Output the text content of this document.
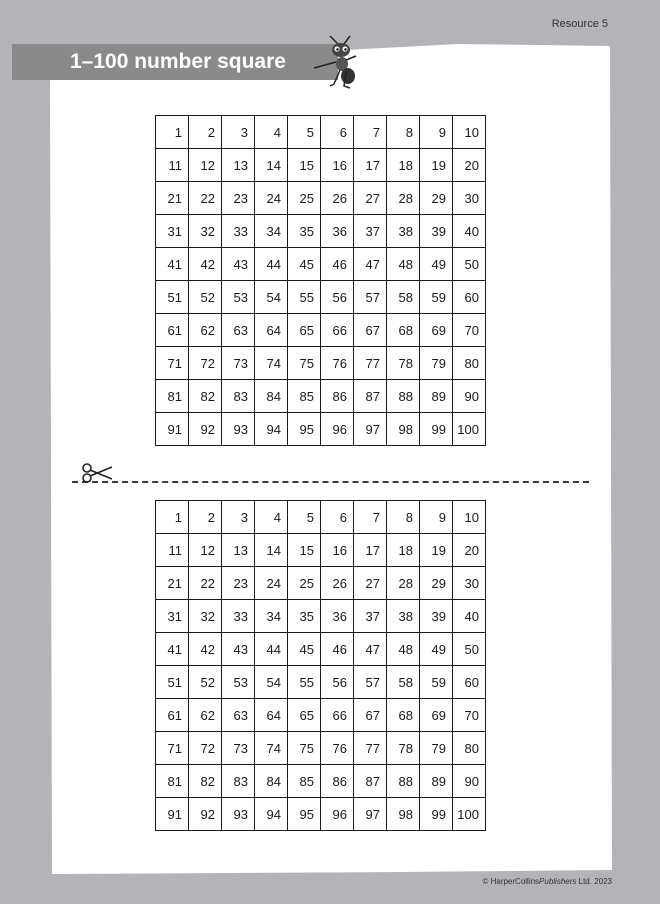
Resource 5
1–100 number square
1	2	3	4	5	6	7	8	9	10
11	12	13	14	15	16	17	18	19	20
21	22	23	24	25	26	27	28	29	30
31	32	33	34	35	36	37	38	39	40
41	42	43	44	45	46	47	48	49	50
51	52	53	54	55	56	57	58	59	60
61	62	63	64	65	66	67	68	69	70
71	72	73	74	75	76	77	78	79	80
81	82	83	84	85	86	87	88	89	90
91	92	93	94	95	96	97	98	99	100
1	2	3	4	5	6	7	8	9	10
11	12	13	14	15	16	17	18	19	20
21	22	23	24	25	26	27	28	29	30
31	32	33	34	35	36	37	38	39	40
41	42	43	44	45	46	47	48	49	50
51	52	53	54	55	56	57	58	59	60
61	62	63	64	65	66	67	68	69	70
71	72	73	74	75	76	77	78	79	80
81	82	83	84	85	86	87	88	89	90
91	92	93	94	95	96	97	98	99	100
© HarperCollinsPublishers Ltd. 2023
